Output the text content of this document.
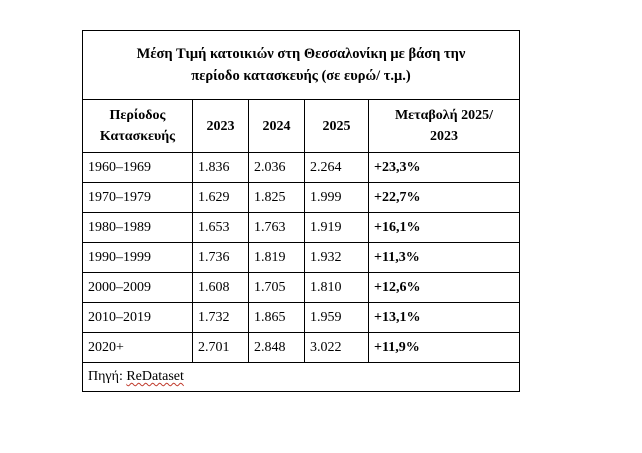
Μέση Τιμή κατοικιών στη Θεσσαλονίκη με βάση την
περίοδο κατασκευής (σε ευρώ/ τ.μ.)				

Περίοδος
Κατασκευής	2023	2024	2025	Μεταβολή 2025/
2023

1960–1969	1.836	2.036	2.264	+23,3%
1970–1979	1.629	1.825	1.999	+22,7%
1980–1989	1.653	1.763	1.919	+16,1%
1990–1999	1.736	1.819	1.932	+11,3%
2000–2009	1.608	1.705	1.810	+12,6%
2010–2019	1.732	1.865	1.959	+13,1%
2020+	2.701	2.848	3.022	+11,9%
Πηγή: ReDataset				
